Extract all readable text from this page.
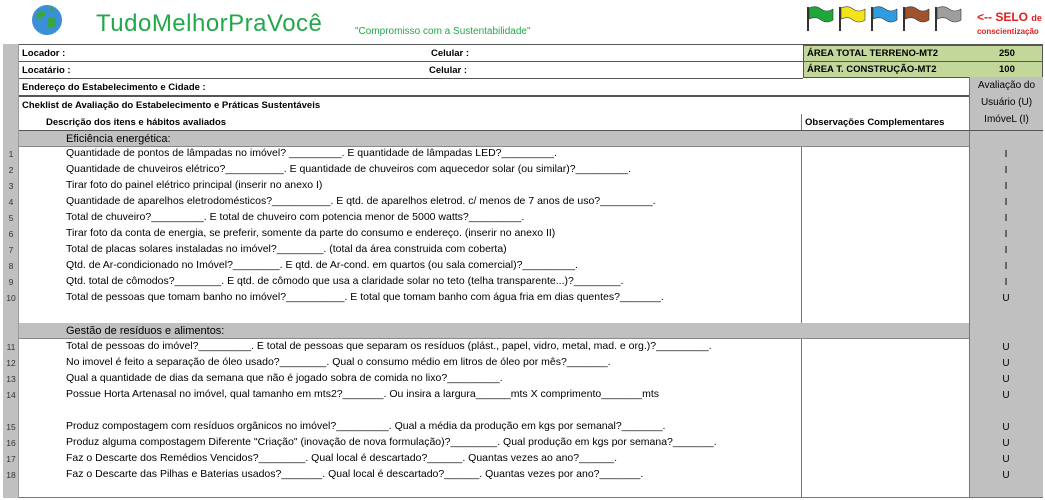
TudoMelhorPraVocê	"Compromisso com a Sustentabilidade"
<-- SELO de
conscientização
Locador :	Celular :
Locatário :	Celular :
ÁREA TOTAL TERRENO-MT2	250
ÁREA T. CONSTRUÇÃO-MT2	100
Endereço do Estabelecimento e Cidade :
Cheklist de Avaliação do Estabelecimento e Práticas Sustentáveis
Descrição dos itens e hábitos avaliados	Observações Complementares
Avaliação do
Usuário (U)
ImóveL (I)
Eficiência energética:
1	Quantidade de pontos de lâmpadas no imóvel? _________. E quantidade de lâmpadas LED?_________.	I
2	Quantidade de chuveiros elétrico?__________. E quantidade de chuveiros com aquecedor solar (ou similar)?_________.	I
3	Tirar foto do painel elétrico principal (inserir no anexo I)	I
4	Quantidade de aparelhos eletrodomésticos?__________. E qtd. de aparelhos eletrod. c/ menos de 7 anos de uso?_________.	I
5	Total de chuveiro?_________. E total de chuveiro com potencia menor de 5000 watts?_________.	I
6	Tirar foto da conta de energia, se preferir, somente da parte do consumo e endereço. (inserir no anexo II)	I
7	Total de placas solares instaladas no imóvel?________. (total da área construida com coberta)	I
8	Qtd. de Ar-condicionado no Imóvel?________. E qtd. de Ar-cond. em quartos (ou sala comercial)?_________.	I
9	Qtd. total de cômodos?________. E qtd. de cômodo que usa a claridade solar no teto (telha transparente...)?________.	I
10	Total de pessoas que tomam banho no imóvel?__________. E total que tomam banho com água fria em dias quentes?_______.	U
Gestão de resíduos e alimentos:
11	Total de pessoas do imóvel?_________. E total de pessoas que separam os resíduos (plást., papel, vidro, metal, mad. e org.)?_________.	U
12	No imovel é feito a separação de óleo usado?________. Qual o consumo médio em litros de óleo por mês?_______.	U
13	Qual a quantidade de dias da semana que não é jogado sobra de comida no lixo?_________.	U
14	Possue Horta Artenasal no imóvel, qual tamanho em mts2?_______. Ou insira a largura______mts X comprimento_______mts	U
15	Produz compostagem com resíduos orgânicos no imóvel?_________. Qual a média da produção em kgs por semanal?_______.	U
16	Produz alguma compostagem Diferente "Criação" (inovação de nova formulação)?________. Qual produção em kgs por semana?_______.	U
17	Faz o Descarte dos Remédios Vencidos?________. Qual local é descartado?______. Quantas vezes ao ano?______.	U
18	Faz o Descarte das Pilhas e Baterias usados?_______. Qual local é descartado?______. Quantas vezes por ano?_______.	U
